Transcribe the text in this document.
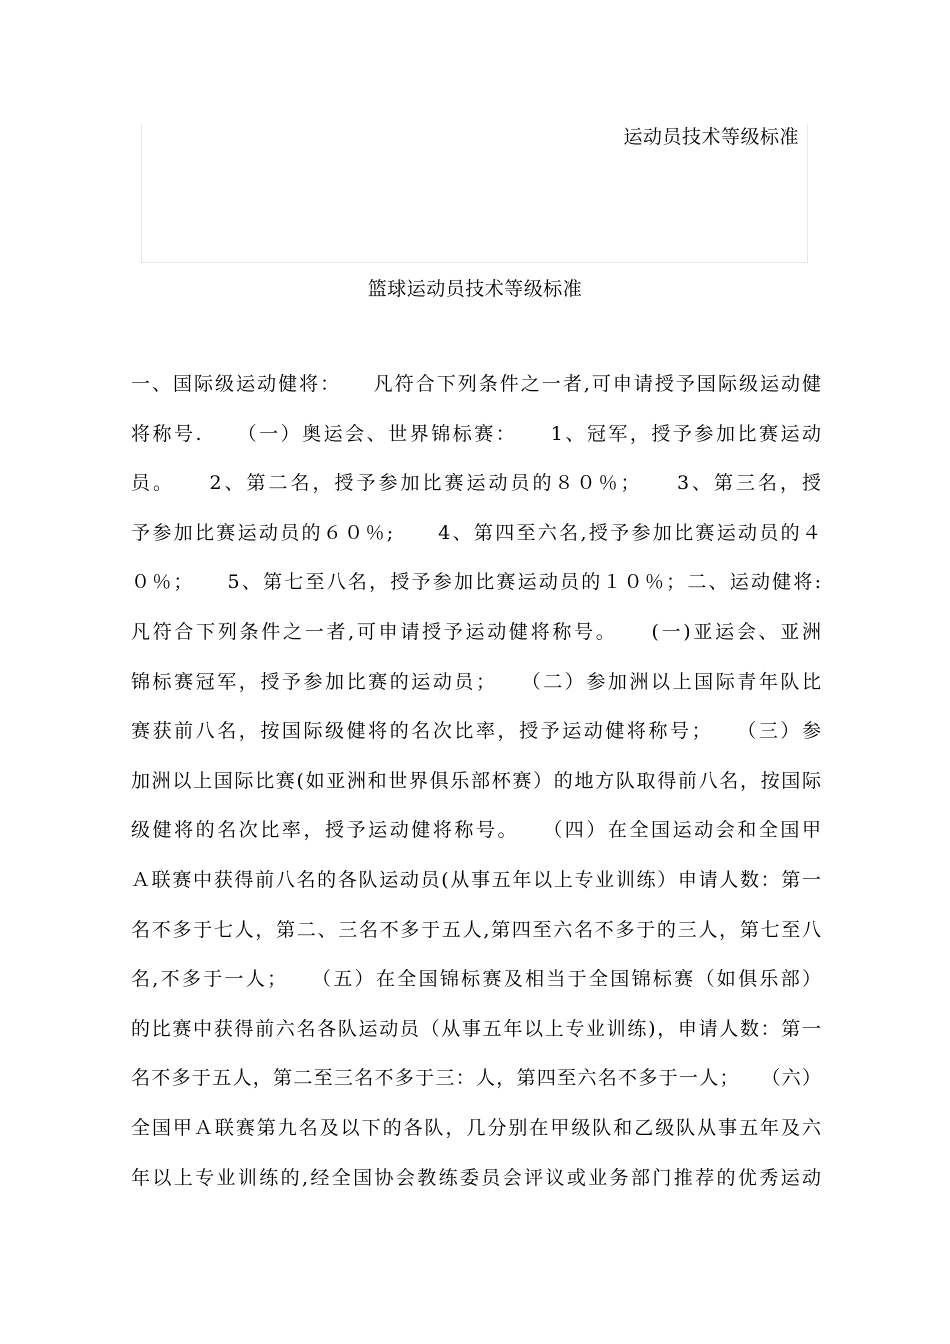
运动员技术等级标准
篮球运动员技术等级标准
一、国际级运动健将：　　凡符合下列条件之一者,可申请授予国际级运动健
将称号.　　（一）奥运会、世界锦标赛：　　1、冠军，授予参加比赛运动
员。　　2、第二名，授予参加比赛运动员的８０％；　　3、第三名，授
予参加比赛运动员的６０％;　　4、第四至六名,授予参加比赛运动员的４
０％；　　5、第七至八名，授予参加比赛运动员的１０％；二、运动健将:
凡符合下列条件之一者,可申请授予运动健将称号。　　(一)亚运会、亚洲
锦标赛冠军，授予参加比赛的运动员；　　（二）参加洲以上国际青年队比
赛获前八名，按国际级健将的名次比率，授予运动健将称号；　　（三）参
加洲以上国际比赛(如亚洲和世界俱乐部杯赛）的地方队取得前八名，按国际
级健将的名次比率，授予运动健将称号。　　（四）在全国运动会和全国甲
Ａ联赛中获得前八名的各队运动员(从事五年以上专业训练）申请人数：第一
名不多于七人，第二、三名不多于五人,第四至六名不多于的三人，第七至八
名,不多于一人；　　（五）在全国锦标赛及相当于全国锦标赛（如俱乐部）
的比赛中获得前六名各队运动员（从事五年以上专业训练)，申请人数：第一
名不多于五人，第二至三名不多于三：人，第四至六名不多于一人；　　（六）
全国甲Ａ联赛第九名及以下的各队，几分别在甲级队和乙级队从事五年及六
年以上专业训练的,经全国协会教练委员会评议或业务部门推荐的优秀运动
